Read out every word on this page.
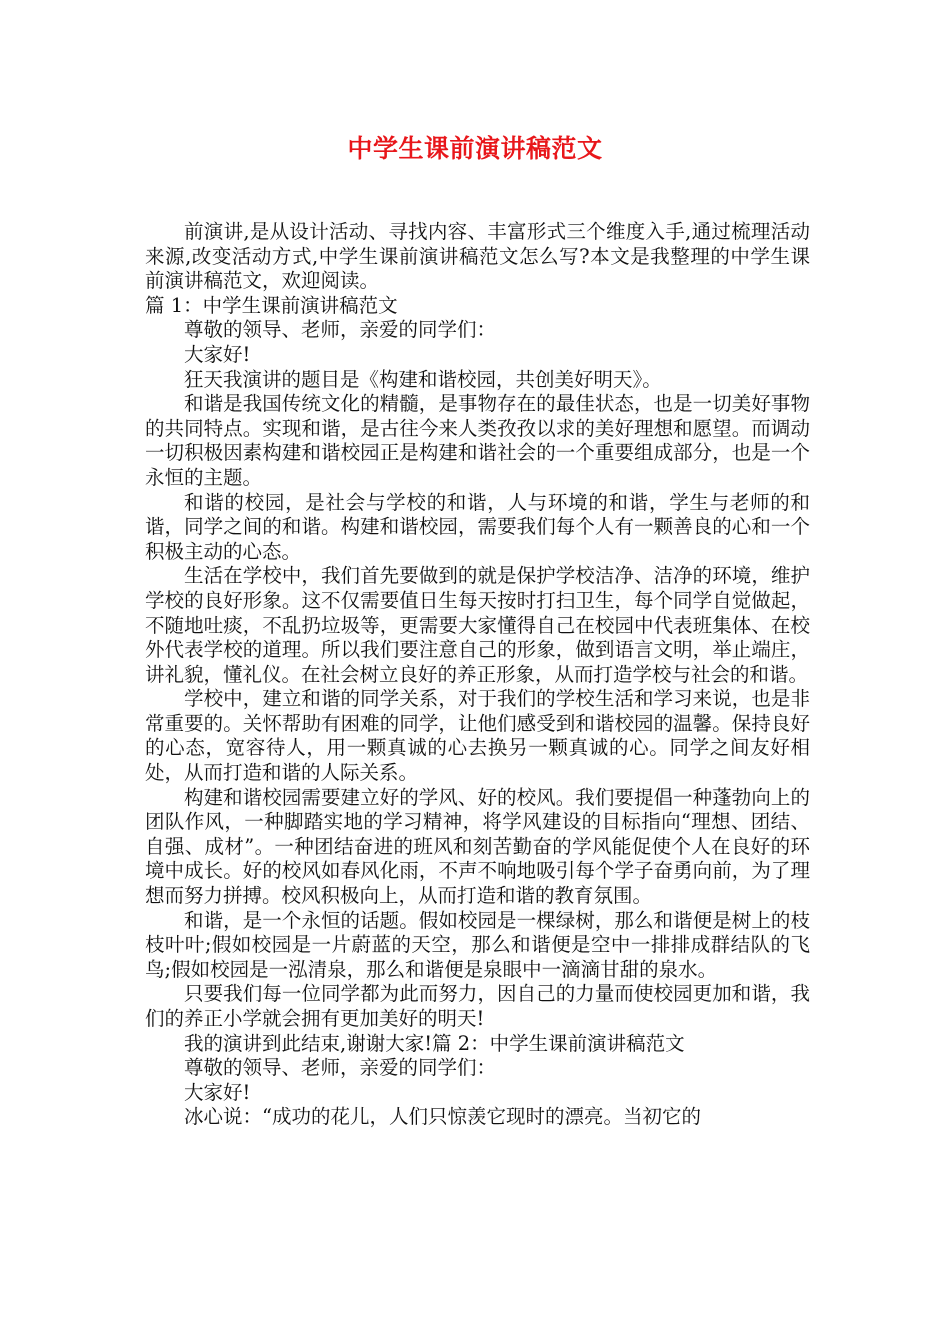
中学生课前演讲稿范文

前演讲,是从设计活动、寻找内容、丰富形式三个维度入手,通过梳理活动来源,改变活动方式,中学生课前演讲稿范文怎么写?本文是我整理的中学生课前演讲稿范文，欢迎阅读。

篇 1：中学生课前演讲稿范文

尊敬的领导、老师，亲爱的同学们：

大家好!

狂天我演讲的题目是《构建和谐校园，共创美好明天》。

和谐是我国传统文化的精髓，是事物存在的最佳状态，也是一切美好事物的共同特点。实现和谐，是古往今来人类孜孜以求的美好理想和愿望。而调动一切积极因素构建和谐校园正是构建和谐社会的一个重要组成部分，也是一个永恒的主题。

和谐的校园，是社会与学校的和谐，人与环境的和谐，学生与老师的和谐，同学之间的和谐。构建和谐校园，需要我们每个人有一颗善良的心和一个积极主动的心态。

生活在学校中，我们首先要做到的就是保护学校洁净、洁净的环境，维护学校的良好形象。这不仅需要值日生每天按时打扫卫生，每个同学自觉做起，不随地吐痰，不乱扔垃圾等，更需要大家懂得自己在校园中代表班集体、在校外代表学校的道理。所以我们要注意自己的形象，做到语言文明，举止端庄，讲礼貌，懂礼仪。在社会树立良好的养正形象，从而打造学校与社会的和谐。

学校中，建立和谐的同学关系，对于我们的学校生活和学习来说，也是非常重要的。关怀帮助有困难的同学，让他们感受到和谐校园的温馨。保持良好的心态，宽容待人，用一颗真诚的心去换另一颗真诚的心。同学之间友好相处，从而打造和谐的人际关系。

构建和谐校园需要建立好的学风、好的校风。我们要提倡一种蓬勃向上的团队作风，一种脚踏实地的学习精神，将学风建设的目标指向“理想、团结、自强、成材”。一种团结奋进的班风和刻苦勤奋的学风能促使个人在良好的环境中成长。好的校风如春风化雨，不声不响地吸引每个学子奋勇向前，为了理想而努力拼搏。校风积极向上，从而打造和谐的教育氛围。

和谐，是一个永恒的话题。假如校园是一棵绿树，那么和谐便是树上的枝枝叶叶;假如校园是一片蔚蓝的天空，那么和谐便是空中一排排成群结队的飞鸟;假如校园是一泓清泉，那么和谐便是泉眼中一滴滴甘甜的泉水。

只要我们每一位同学都为此而努力，因自己的力量而使校园更加和谐，我们的养正小学就会拥有更加美好的明天!

我的演讲到此结束,谢谢大家!篇 2：中学生课前演讲稿范文

尊敬的领导、老师，亲爱的同学们：

大家好!

冰心说：“成功的花儿，人们只惊羡它现时的漂亮。当初它的
